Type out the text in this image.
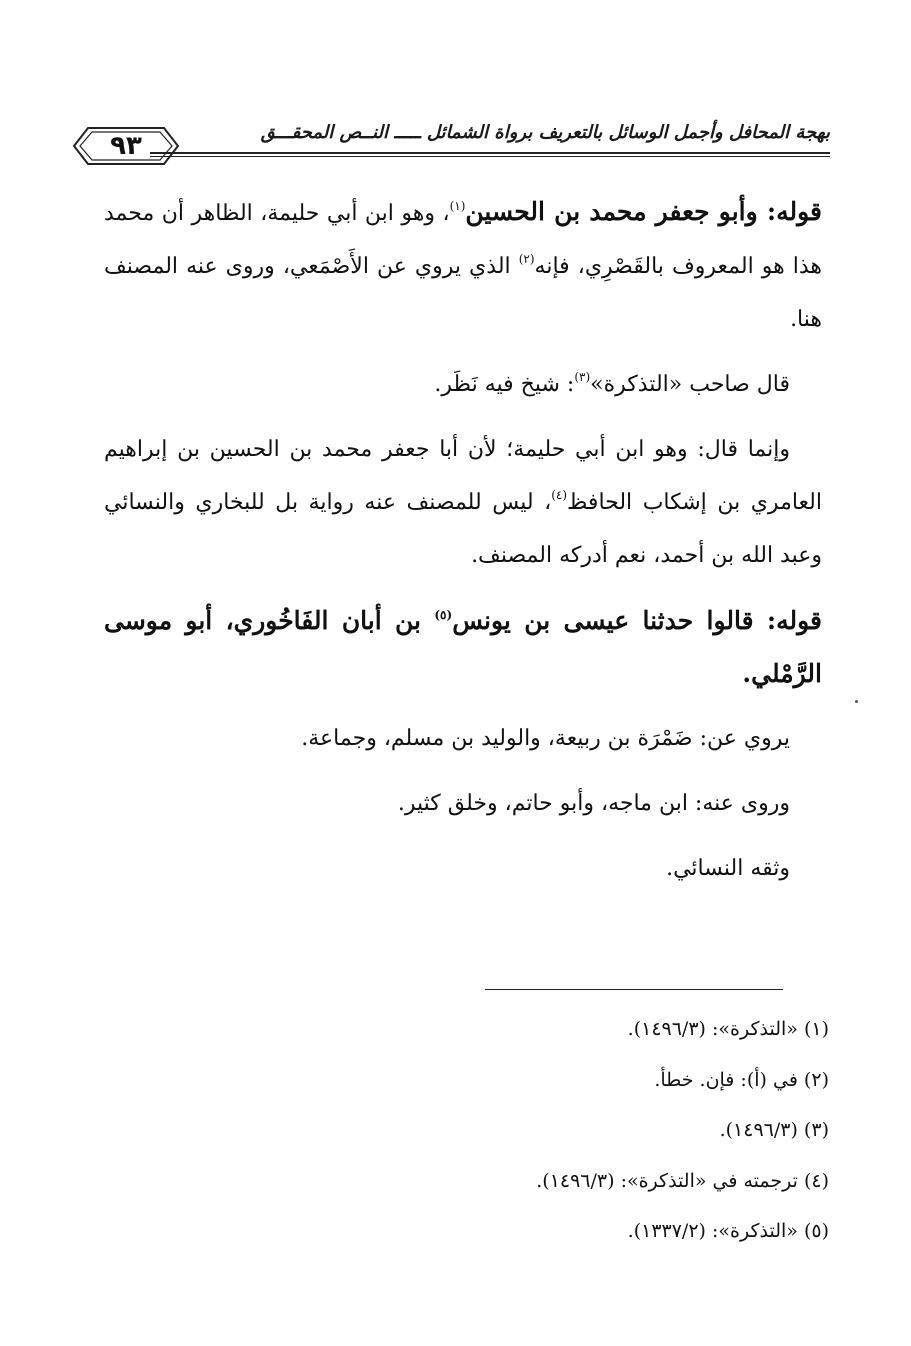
٩٣	بهجة المحافل وأجمل الوسائل بالتعريف برواة الشمائل ـــــ النــص المحقـــق

قوله: وأبو جعفر محمد بن الحسين$^{(١)}$، وهو ابن أبي حليمة، الظاهر أن محمد هذا هو المعروف بالقَصْرِي، فإنه$^{(٢)}$ الذي يروي عن الأَصْمَعي، وروى عنه المصنف هنا.

قال صاحب «التذكرة»$^{(٣)}$: شيخ فيه نَظَر.

وإنما قال: وهو ابن أبي حليمة؛ لأن أبا جعفر محمد بن الحسين بن إبراهيم العامري بن إشكاب الحافظ$^{(٤)}$، ليس للمصنف عنه رواية بل للبخاري والنسائي وعبد الله بن أحمد، نعم أدركه المصنف.

قوله: قالوا حدثنا عيسى بن يونس$^{(٥)}$ بن أبان الفَاخُوري، أبو موسى الرَّمْلي.

يروي عن: ضَمْرَة بن ربيعة، والوليد بن مسلم، وجماعة.

وروى عنه: ابن ماجه، وأبو حاتم، وخلق كثير.

وثقه النسائي.

(١) «التذكرة»: (١٤٩٦/٣).

(٢) في (أ): فإن. خطأ.

(٣) (١٤٩٦/٣).

(٤) ترجمته في «التذكرة»: (١٤٩٦/٣).

(٥) «التذكرة»: (١٣٣٧/٢).
